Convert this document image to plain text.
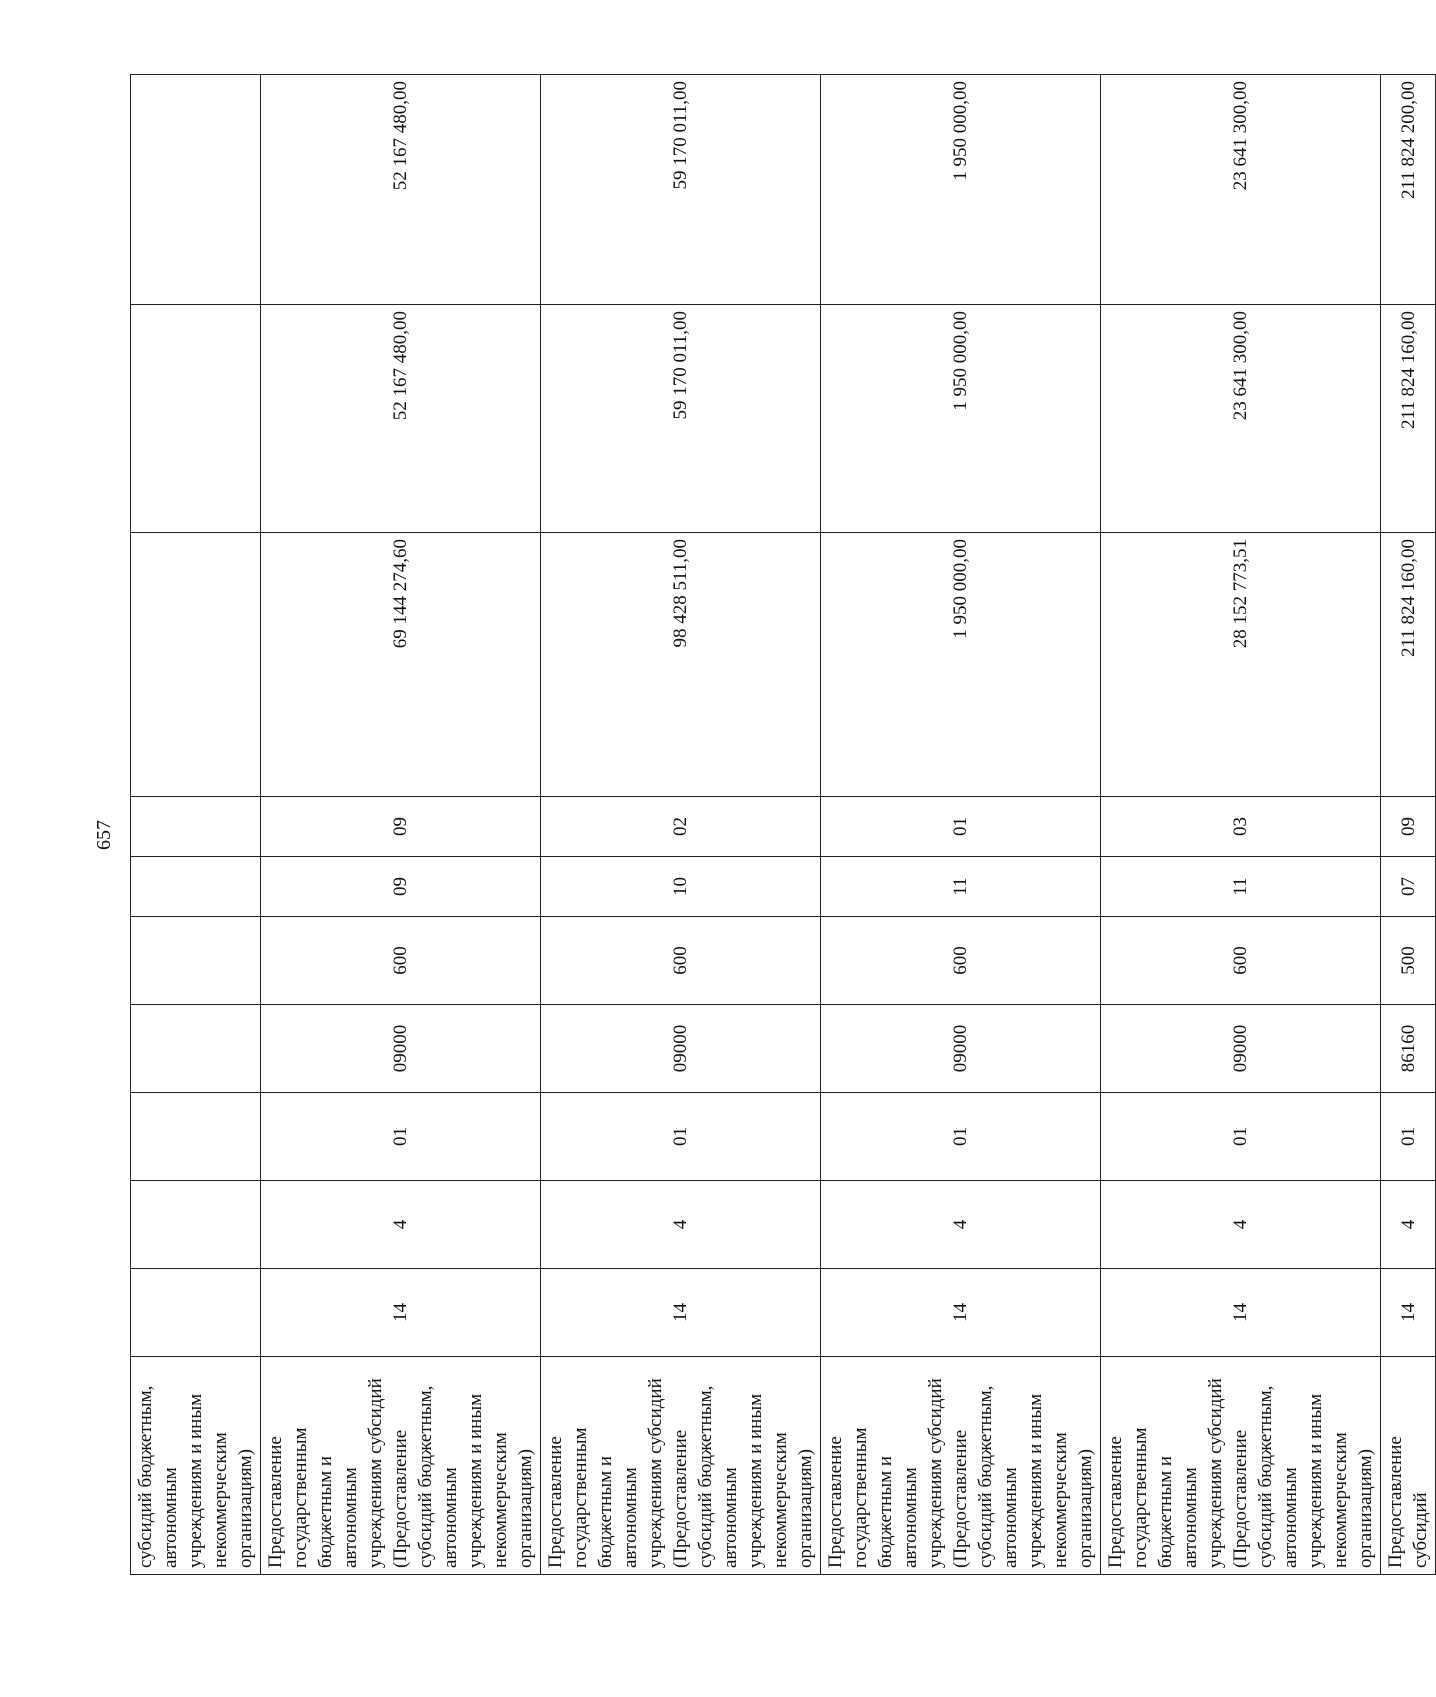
657
субсидий бюджетным, автономным учреждениям и иным некоммерческим организациям)										
Предоставление государственным бюджетным и автономным учреждениям субсидий (Предоставление субсидий бюджетным, автономным учреждениям и иным некоммерческим организациям)	14	4	01	09000	600	09	09	69 144 274,60	52 167 480,00	52 167 480,00
Предоставление государственным бюджетным и автономным учреждениям субсидий (Предоставление субсидий бюджетным, автономным учреждениям и иным некоммерческим организациям)	14	4	01	09000	600	10	02	98 428 511,00	59 170 011,00	59 170 011,00
Предоставление государственным бюджетным и автономным учреждениям субсидий (Предоставление субсидий бюджетным, автономным учреждениям и иным некоммерческим организациям)	14	4	01	09000	600	11	01	1 950 000,00	1 950 000,00	1 950 000,00
Предоставление государственным бюджетным и автономным учреждениям субсидий (Предоставление субсидий бюджетным, автономным учреждениям и иным некоммерческим организациям)	14	4	01	09000	600	11	03	28 152 773,51	23 641 300,00	23 641 300,00
Предоставление субсидий	14	4	01	86160	500	07	09	211 824 160,00	211 824 160,00	211 824 200,00
